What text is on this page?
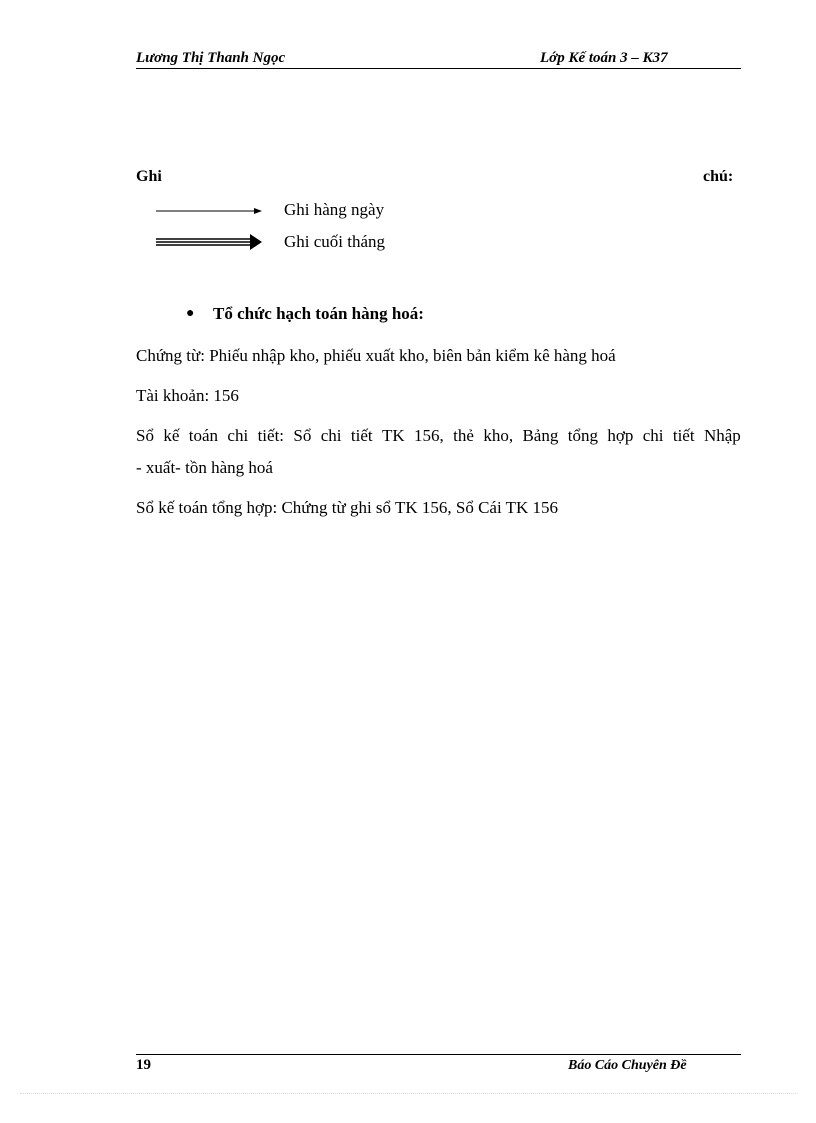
Lương Thị Thanh Ngọc	Lớp Kế toán 3 – K37
Ghi	chú:
Ghi hàng ngày
Ghi cuối tháng
● Tổ chức hạch toán hàng hoá:
Chứng từ: Phiếu nhập kho, phiếu xuất kho, biên bản kiểm kê hàng hoá
Tài khoản: 156
Sổ kế toán chi tiết: Sổ chi tiết TK 156, thẻ kho, Bảng tổng hợp chi tiết Nhập
- xuất- tồn hàng hoá
Sổ kế toán tổng hợp: Chứng từ ghi sổ TK 156, Sổ Cái TK 156
19	Báo Cáo Chuyên Đề
